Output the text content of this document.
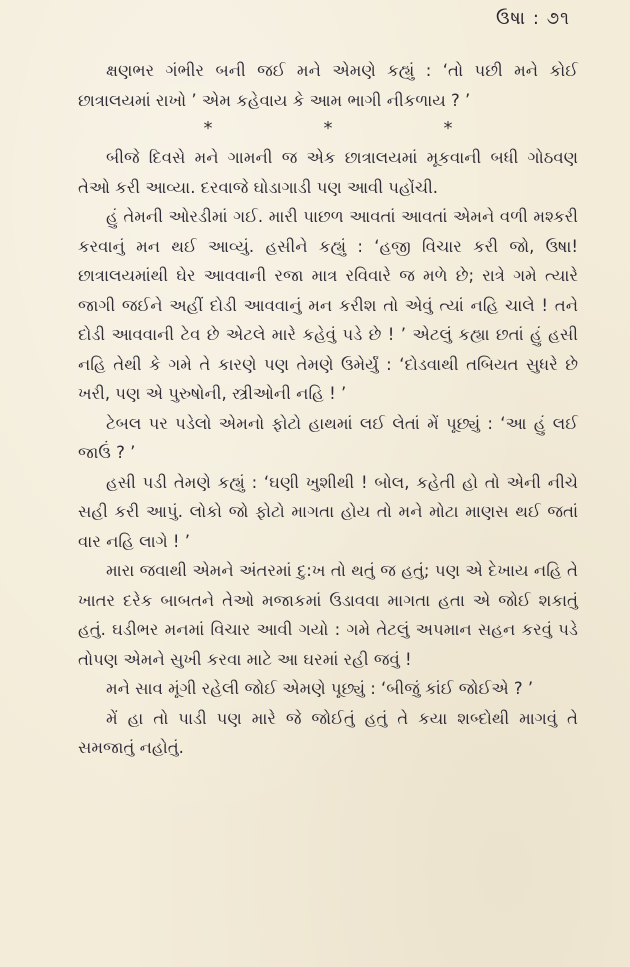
ઉષા : ૭૧

ક્ષણભર ગંભીર બની જઈ મને એમણે કહ્યું : ‘તો પછી મને કોઈ છાત્રાલયમાં રાખો ’ એમ કહેવાય કે આમ ભાગી નીકળાય ? ’

*	*	*

બીજે દિવસે મને ગામની જ એક છાત્રાલયમાં મૂકવાની બધી ગોઠવણ તેઓ કરી આવ્યા. દરવાજે ઘોડાગાડી પણ આવી પહોંચી.

હું તેમની ઓરડીમાં ગઈ. મારી પાછળ આવતાં આવતાં એમને વળી મશ્કરી કરવાનું મન થઈ આવ્યું. હસીને કહ્યું : ‘હજી વિચાર કરી જો, ઉષા! છાત્રાલયમાંથી ઘેર આવવાની રજા માત્ર રવિવારે જ મળે છે; રાત્રે ગમે ત્યારે જાગી જઈને અહીં દોડી આવવાનું મન કરીશ તો એવું ત્યાં નહિ ચાલે ! તને દોડી આવવાની ટેવ છે એટલે મારે કહેવું પડે છે ! ’ એટલું કહ્યા છતાં હું હસી નહિ તેથી કે ગમે તે કારણે પણ તેમણે ઉમેર્યું : ‘દોડવાથી તબિયત સુધરે છે ખરી, પણ એ પુરુષોની, સ્ત્રીઓની નહિ ! ’

ટેબલ પર પડેલો એમનો ફોટો હાથમાં લઈ લેતાં મેં પૂછ્યું : ‘આ હું લઈ જાઉં ? ’

હસી પડી તેમણે કહ્યું : ‘ઘણી ખુશીથી ! બોલ, કહેતી હો તો એની નીચે સહી કરી આપું. લોકો જો ફોટો માગતા હોય તો મને મોટા માણસ થઈ જતાં વાર નહિ લાગે ! ’

મારા જવાથી એમને અંતરમાં દુ:ખ તો થતું જ હતું; પણ એ દેખાય નહિ તે ખાતર દરેક બાબતને તેઓ મજાકમાં ઉડાવવા માગતા હતા એ જોઈ શકાતું હતું. ઘડીભર મનમાં વિચાર આવી ગયો : ગમે તેટલું અપમાન સહન કરવું પડે તોપણ એમને સુખી કરવા માટે આ ઘરમાં રહી જવું !

મને સાવ મૂંગી રહેલી જોઈ એમણે પૂછ્યું : ‘બીજું કાંઈ જોઈએ ? ’

મેં હા તો પાડી પણ મારે જે જોઈતું હતું તે કયા શબ્દોથી માગવું તે સમજાતું નહોતું.
